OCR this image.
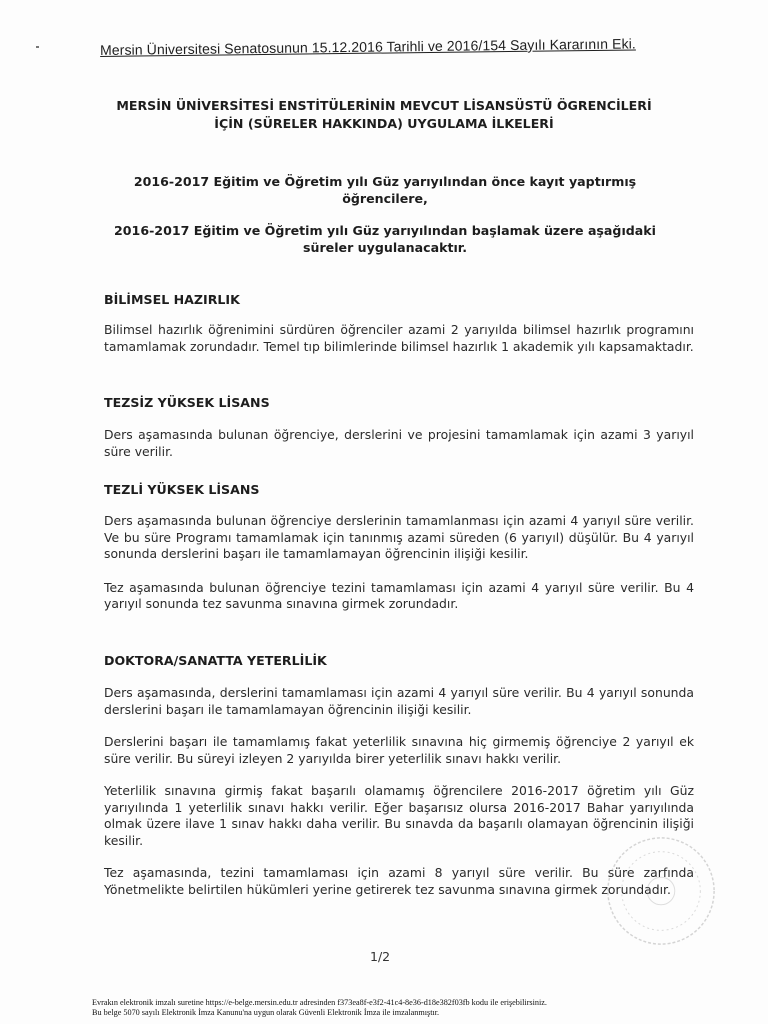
Mersin Üniversitesi Senatosunun 15.12.2016 Tarihli ve 2016/154 Sayılı Kararının Eki.
MERSİN ÜNİVERSİTESİ ENSTİTÜLERİNİN MEVCUT LİSANSÜSTÜ ÖGRENCİLERİ
İÇİN (SÜRELER HAKKINDA) UYGULAMA İLKELERİ
2016-2017 Eğitim ve Öğretim yılı Güz yarıyılından önce kayıt yaptırmış öğrencilere,
2016-2017 Eğitim ve Öğretim yılı Güz yarıyılından başlamak üzere aşağıdaki süreler uygulanacaktır.

BİLİMSEL HAZIRLIK

Bilimsel hazırlık öğrenimini sürdüren öğrenciler azami 2 yarıyılda bilimsel hazırlık programını tamamlamak zorundadır. Temel tıp bilimlerinde bilimsel hazırlık 1 akademik yılı kapsamaktadır.

TEZSİZ YÜKSEK LİSANS

Ders aşamasında bulunan öğrenciye, derslerini ve projesini tamamlamak için azami 3 yarıyıl süre verilir.

TEZLİ YÜKSEK LİSANS

Ders aşamasında bulunan öğrenciye derslerinin tamamlanması için azami 4 yarıyıl süre verilir. Ve bu süre Programı tamamlamak için tanınmış azami süreden (6 yarıyıl) düşülür. Bu 4 yarıyıl sonunda derslerini başarı ile tamamlamayan öğrencinin ilişiği kesilir.

Tez aşamasında bulunan öğrenciye tezini tamamlaması için azami 4 yarıyıl süre verilir. Bu 4 yarıyıl sonunda tez savunma sınavına girmek zorundadır.

DOKTORA/SANATTA YETERLİLİK

Ders aşamasında, derslerini tamamlaması için azami 4 yarıyıl süre verilir. Bu 4 yarıyıl sonunda derslerini başarı ile tamamlamayan öğrencinin ilişiği kesilir.

Derslerini başarı ile tamamlamış fakat yeterlilik sınavına hiç girmemiş öğrenciye 2 yarıyıl ek süre verilir. Bu süreyi izleyen 2 yarıyılda birer yeterlilik sınavı hakkı verilir.

Yeterlilik sınavına girmiş fakat başarılı olamamış öğrencilere 2016-2017 öğretim yılı Güz yarıyılında 1 yeterlilik sınavı hakkı verilir. Eğer başarısız olursa 2016-2017 Bahar yarıyılında olmak üzere ilave 1 sınav hakkı daha verilir. Bu sınavda da başarılı olamayan öğrencinin ilişiği kesilir.

Tez aşamasında, tezini tamamlaması için azami 8 yarıyıl süre verilir. Bu süre zarfında Yönetmelikte belirtilen hükümleri yerine getirerek tez savunma sınavına girmek zorundadır.

1/2
Evrakın elektronik imzalı suretine https://e-belge.mersin.edu.tr adresinden f373ea8f-e3f2-41c4-8e36-d18e382f03fb kodu ile erişebilirsiniz.
Bu belge 5070 sayılı Elektronik İmza Kanunu'na uygun olarak Güvenli Elektronik İmza ile imzalanmıştır.
